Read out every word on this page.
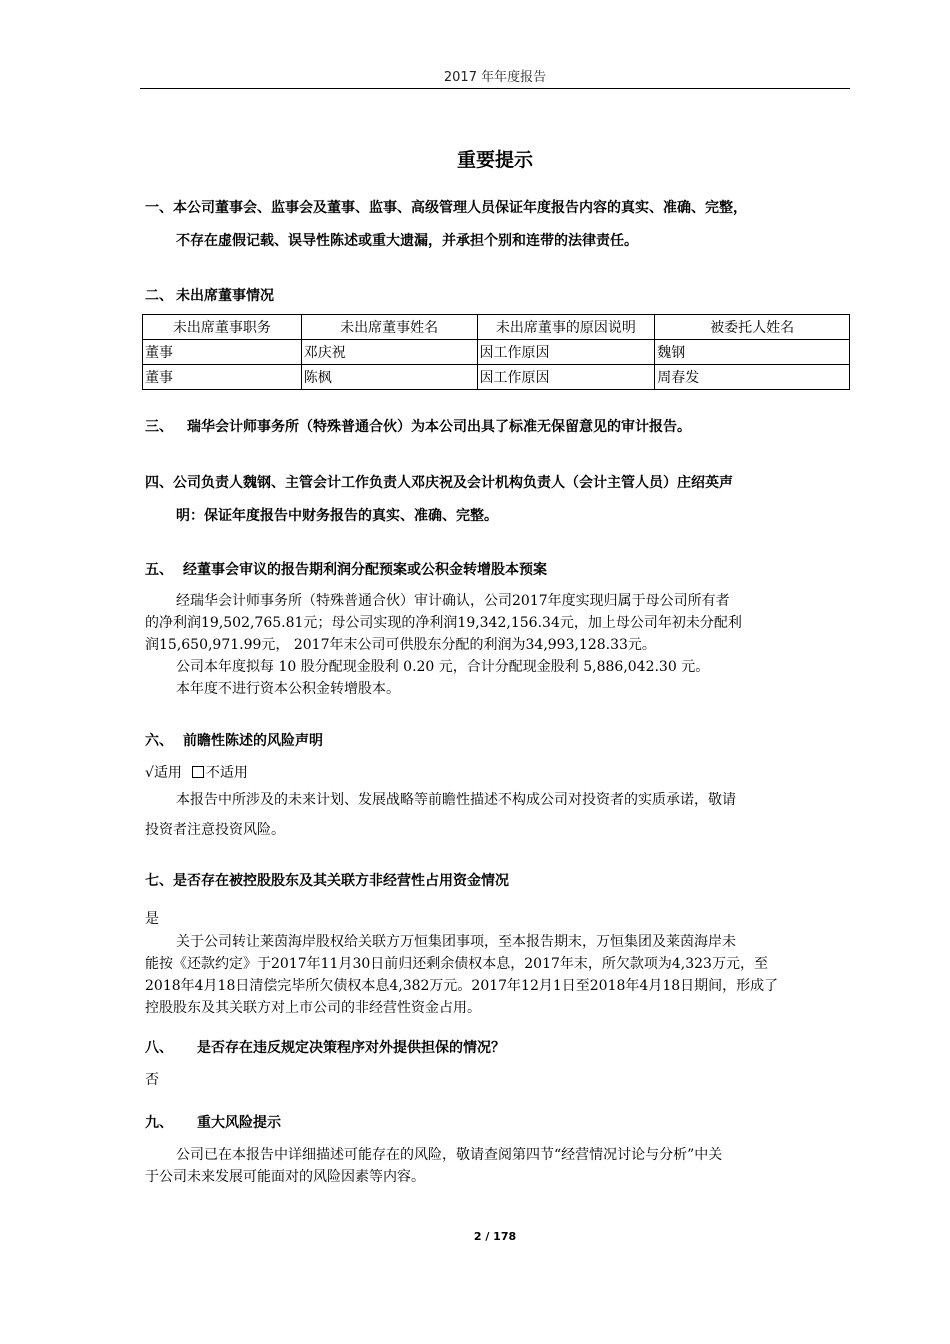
2017 年年度报告
重要提示
一、本公司董事会、监事会及董事、监事、高级管理人员保证年度报告内容的真实、准确、完整，
不存在虚假记载、误导性陈述或重大遗漏，并承担个别和连带的法律责任。
二、 未出席董事情况
未出席董事职务	未出席董事姓名	未出席董事的原因说明	被委托人姓名
董事	邓庆祝	因工作原因	魏钢
董事	陈枫	因工作原因	周春发
三、 瑞华会计师事务所（特殊普通合伙）为本公司出具了标准无保留意见的审计报告。
四、公司负责人魏钢、主管会计工作负责人邓庆祝及会计机构负责人（会计主管人员）庄绍英声
明：保证年度报告中财务报告的真实、准确、完整。
五、 经董事会审议的报告期利润分配预案或公积金转增股本预案
经瑞华会计师事务所（特殊普通合伙）审计确认，公司2017年度实现归属于母公司所有者
的净利润19,502,765.81元；母公司实现的净利润19,342,156.34元，加上母公司年初未分配利
润15,650,971.99元， 2017年末公司可供股东分配的利润为34,993,128.33元。
公司本年度拟每 10 股分配现金股利 0.20 元，合计分配现金股利 5,886,042.30 元。
本年度不进行资本公积金转增股本。
六、 前瞻性陈述的风险声明
√适用 不适用
本报告中所涉及的未来计划、发展战略等前瞻性描述不构成公司对投资者的实质承诺，敬请
投资者注意投资风险。
七、是否存在被控股股东及其关联方非经营性占用资金情况
是
关于公司转让莱茵海岸股权给关联方万恒集团事项，至本报告期末，万恒集团及莱茵海岸未
能按《还款约定》于2017年11月30日前归还剩余债权本息，2017年末，所欠款项为4,323万元，至
2018年4月18日清偿完毕所欠债权本息4,382万元。2017年12月1日至2018年4月18日期间，形成了
控股股东及其关联方对上市公司的非经营性资金占用。
八、 是否存在违反规定决策程序对外提供担保的情况？
否
九、 重大风险提示
公司已在本报告中详细描述可能存在的风险，敬请查阅第四节“经营情况讨论与分析”中关
于公司未来发展可能面对的风险因素等内容。
2 / 178
